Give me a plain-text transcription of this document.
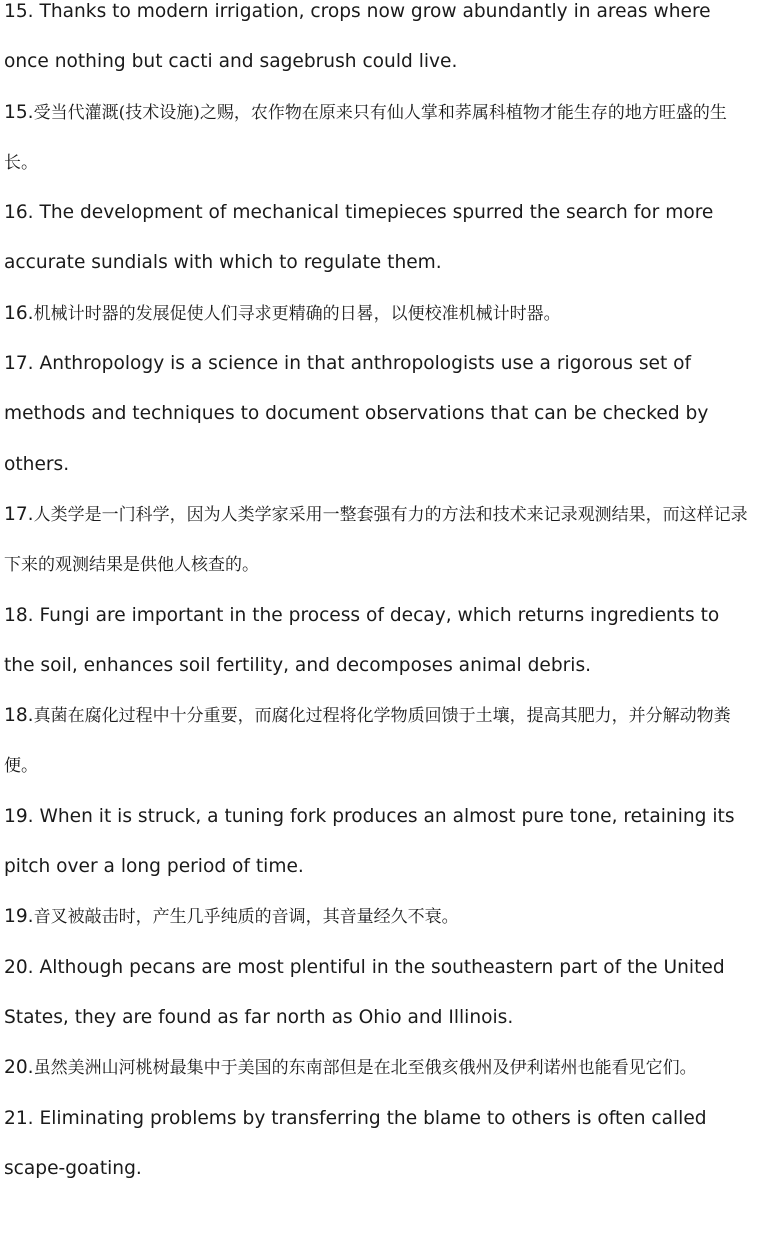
15. Thanks to modern irrigation, crops now grow abundantly in areas where once nothing but cacti and sagebrush could live.

15.受当代灌溉(技术设施)之赐，农作物在原来只有仙人掌和荞属科植物才能生存的地方旺盛的生长。

16. The development of mechanical timepieces spurred the search for more accurate sundials with which to regulate them.

16.机械计时器的发展促使人们寻求更精确的日晷，以便校准机械计时器。

17. Anthropology is a science in that anthropologists use a rigorous set of methods and techniques to document observations that can be checked by others.

17.人类学是一门科学，因为人类学家采用一整套强有力的方法和技术来记录观测结果，而这样记录下来的观测结果是供他人核查的。

18. Fungi are important in the process of decay, which returns ingredients to the soil, enhances soil fertility, and decomposes animal debris.

18.真菌在腐化过程中十分重要，而腐化过程将化学物质回馈于土壤，提高其肥力，并分解动物粪便。

19. When it is struck, a tuning fork produces an almost pure tone, retaining its pitch over a long period of time.

19.音叉被敲击时，产生几乎纯质的音调，其音量经久不衰。

20. Although pecans are most plentiful in the southeastern part of the United States, they are found as far north as Ohio and Illinois.

20.虽然美洲山河桃树最集中于美国的东南部但是在北至俄亥俄州及伊利诺州也能看见它们。

21. Eliminating problems by transferring the blame to others is often called scape-goating.
